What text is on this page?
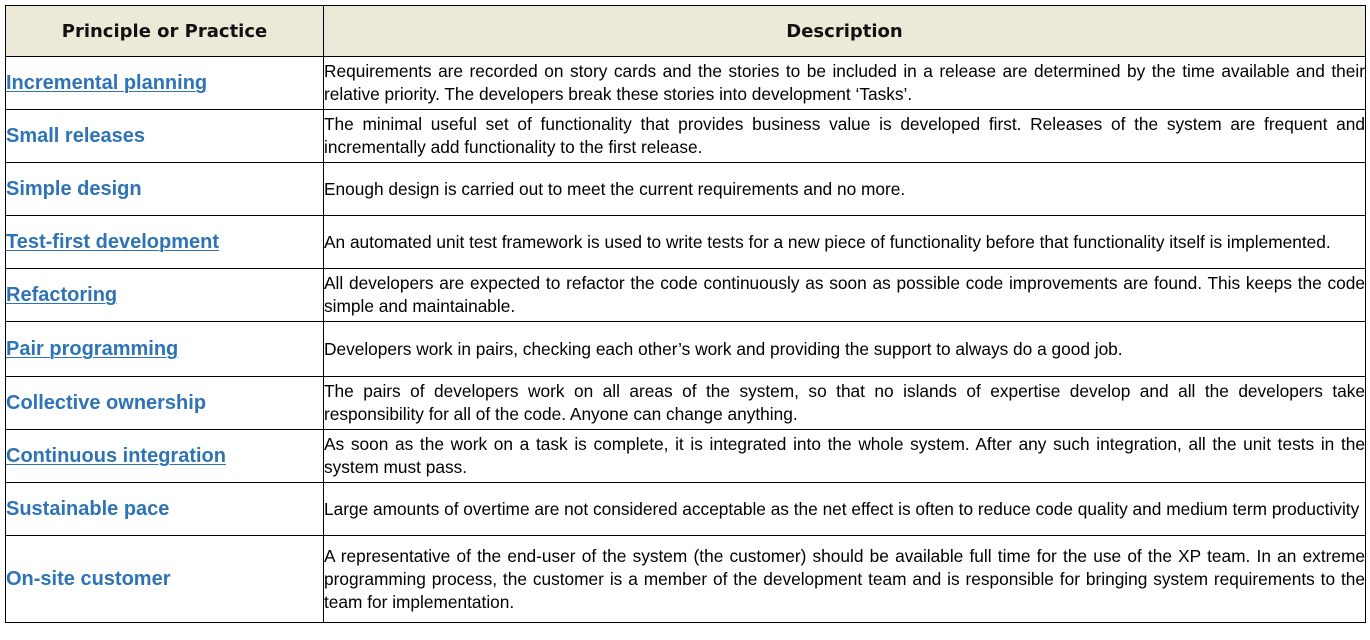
Principle or Practice	Description
Incremental planning	Requirements are recorded on story cards and the stories to be included in a release are determined by the time available and their relative priority. The developers break these stories into development ‘Tasks’.
Small releases	The minimal useful set of functionality that provides business value is developed first. Releases of the system are frequent and incrementally add functionality to the first release.
Simple design	Enough design is carried out to meet the current requirements and no more.
Test-first development	An automated unit test framework is used to write tests for a new piece of functionality before that functionality itself is implemented.
Refactoring	All developers are expected to refactor the code continuously as soon as possible code improvements are found. This keeps the code simple and maintainable.
Pair programming	Developers work in pairs, checking each other’s work and providing the support to always do a good job.
Collective ownership	The pairs of developers work on all areas of the system, so that no islands of expertise develop and all the developers take responsibility for all of the code. Anyone can change anything.
Continuous integration	As soon as the work on a task is complete, it is integrated into the whole system. After any such integration, all the unit tests in the system must pass.
Sustainable pace	Large amounts of overtime are not considered acceptable as the net effect is often to reduce code quality and medium term productivity
On-site customer	A representative of the end-user of the system (the customer) should be available full time for the use of the XP team. In an extreme programming process, the customer is a member of the development team and is responsible for bringing system requirements to the team for implementation.
